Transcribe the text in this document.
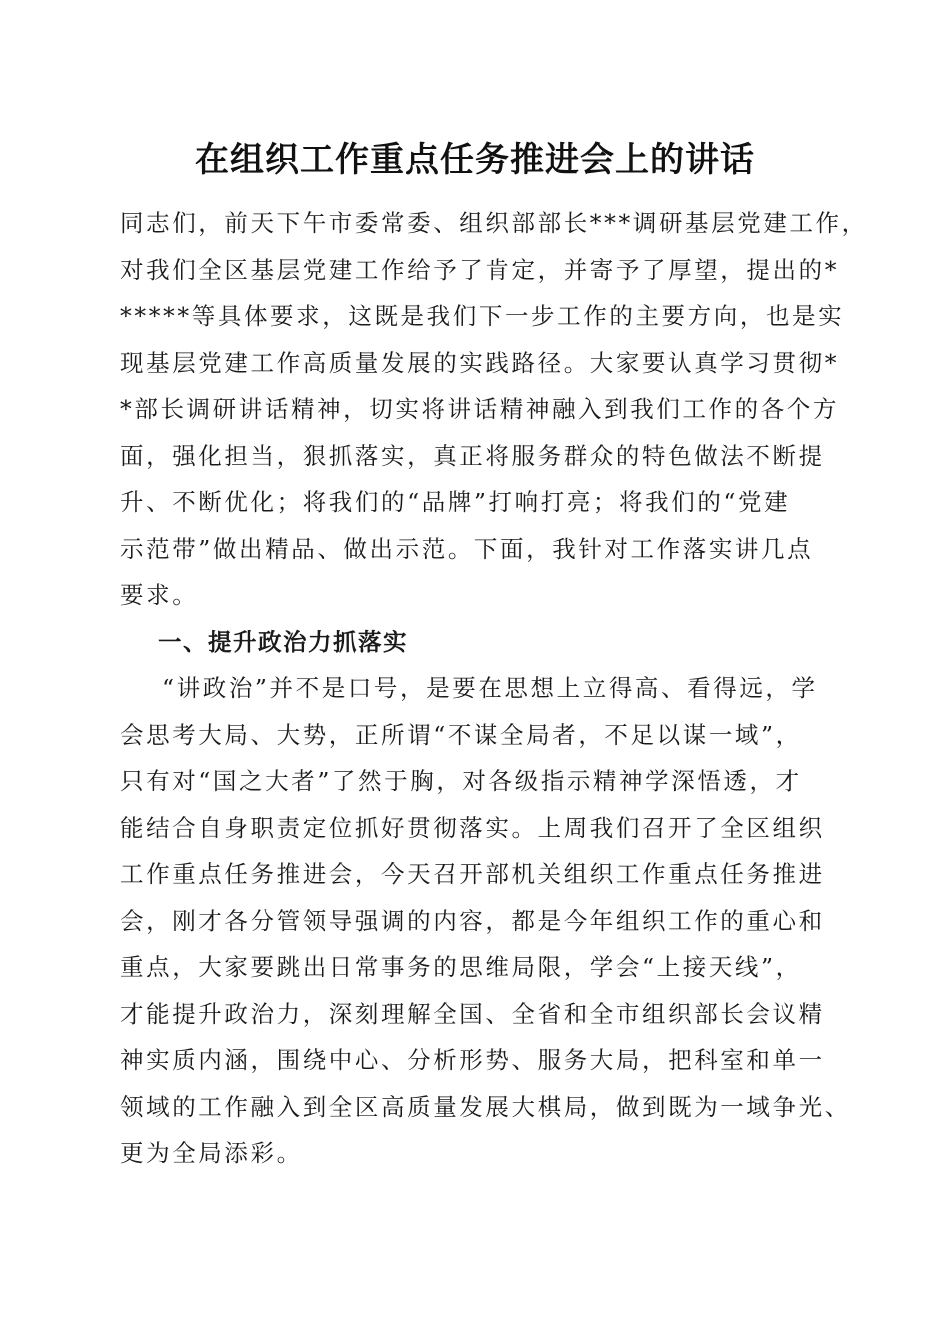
在组织工作重点任务推进会上的讲话
同志们，前天下午市委常委、组织部部长***调研基层党建工作，
对我们全区基层党建工作给予了肯定，并寄予了厚望，提出的*
*****等具体要求，这既是我们下一步工作的主要方向，也是实
现基层党建工作高质量发展的实践路径。大家要认真学习贯彻*
*部长调研讲话精神，切实将讲话精神融入到我们工作的各个方
面，强化担当，狠抓落实，真正将服务群众的特色做法不断提
升、不断优化；将我们的“品牌”打响打亮；将我们的“党建
示范带”做出精品、做出示范。下面，我针对工作落实讲几点
要求。
一、提升政治力抓落实
“讲政治”并不是口号，是要在思想上立得高、看得远，学
会思考大局、大势，正所谓“不谋全局者，不足以谋一域”，
只有对“国之大者”了然于胸，对各级指示精神学深悟透，才
能结合自身职责定位抓好贯彻落实。上周我们召开了全区组织
工作重点任务推进会，今天召开部机关组织工作重点任务推进
会，刚才各分管领导强调的内容，都是今年组织工作的重心和
重点，大家要跳出日常事务的思维局限，学会“上接天线”，
才能提升政治力，深刻理解全国、全省和全市组织部长会议精
神实质内涵，围绕中心、分析形势、服务大局，把科室和单一
领域的工作融入到全区高质量发展大棋局，做到既为一域争光、
更为全局添彩。
